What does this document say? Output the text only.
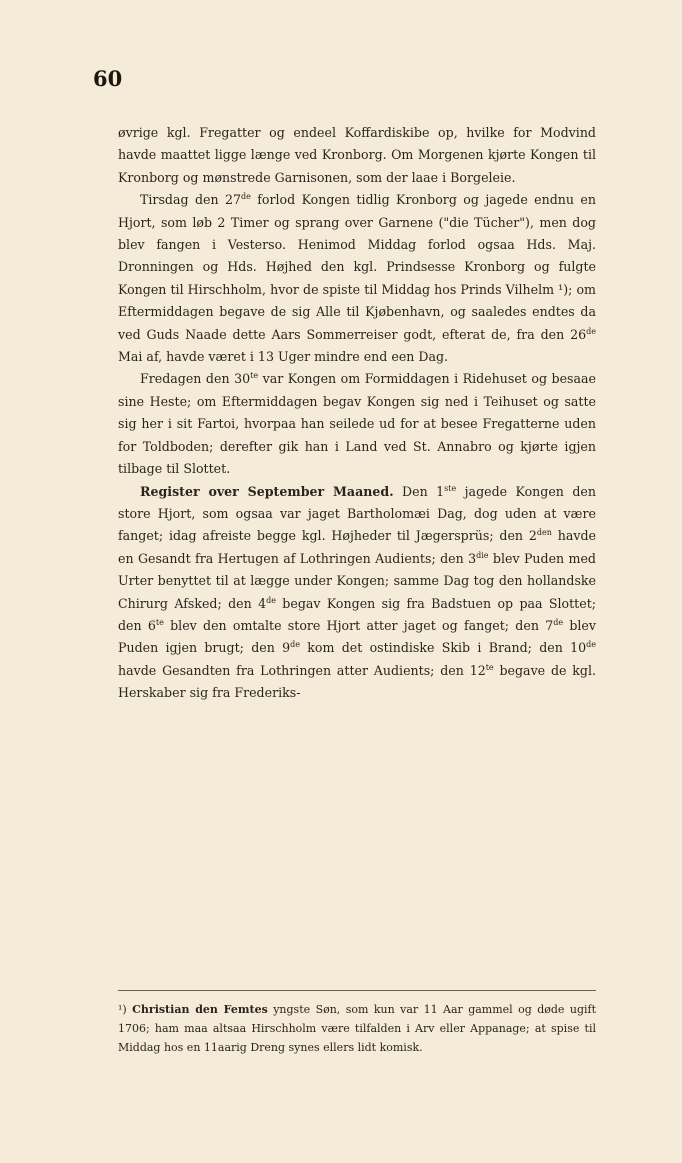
60

øvrige kgl. Fregatter og endeel Koffardiskibe op, hvilke for Modvind havde maattet ligge længe ved Kronborg. Om Morgenen kjørte Kongen til Kronborg og mønstrede Garnisonen, som der laae i Borgeleie.

Tirsdag den 27de forlod Kongen tidlig Kronborg og jagede endnu en Hjort, som løb 2 Timer og sprang over Garnene ("die Tücher"), men dog blev fangen i Vesterso. Henimod Middag forlod ogsaa Hds. Maj. Dronningen og Hds. Højhed den kgl. Prindsesse Kronborg og fulgte Kongen til Hirschholm, hvor de spiste til Middag hos Prinds Vilhelm ¹); om Eftermiddagen begave de sig Alle til Kjøbenhavn, og saaledes endtes da ved Guds Naade dette Aars Sommerreiser godt, efterat de, fra den 26de Mai af, havde været i 13 Uger mindre end een Dag.

Fredagen den $30^{te}$ var Kongen om Formiddagen i Ridehuset og besaae sine Heste; om Eftermiddagen begav Kongen sig ned i Teihuset og satte sig her i sit Fartoi, hvorpaa han seilede ud for at besee Fregatterne uden for Toldboden; derefter gik han i Land ved St. Annabro og kjørte igjen tilbage til Slottet.

Register over September Maaned. Den 1ste jagede Kongen den store Hjort, som ogsaa var jaget Bartholomæi Dag, dog uden at være fanget; idag afreiste begge kgl. Højheder til Jægersprüs; den $2^{den}$ havde en Gesandt fra Hertugen af Lothringen Audients; den $3^{die}$ blev Puden med Urter benyttet til at lægge under Kongen; samme Dag tog den hollandske Chirurg Afsked; den 4de begav Kongen sig fra Badstuen op paa Slottet; den $6^{te}$ blev den omtalte store Hjort atter jaget og fanget; den 7de blev Puden igjen brugt; den 9de kom det ostindiske Skib i Brand; den 10de havde Gesandten fra Lothringen atter Audients; den $12^{te}$ begave de kgl. Herskaber sig fra Frederiks-

¹) Christian den Femtes yngste Søn, som kun var 11 Aar gammel og døde ugift 1706; ham maa altsaa Hirschholm være tilfalden i Arv eller Appanage; at spise til Middag hos en 11aarig Dreng synes ellers lidt komisk.
